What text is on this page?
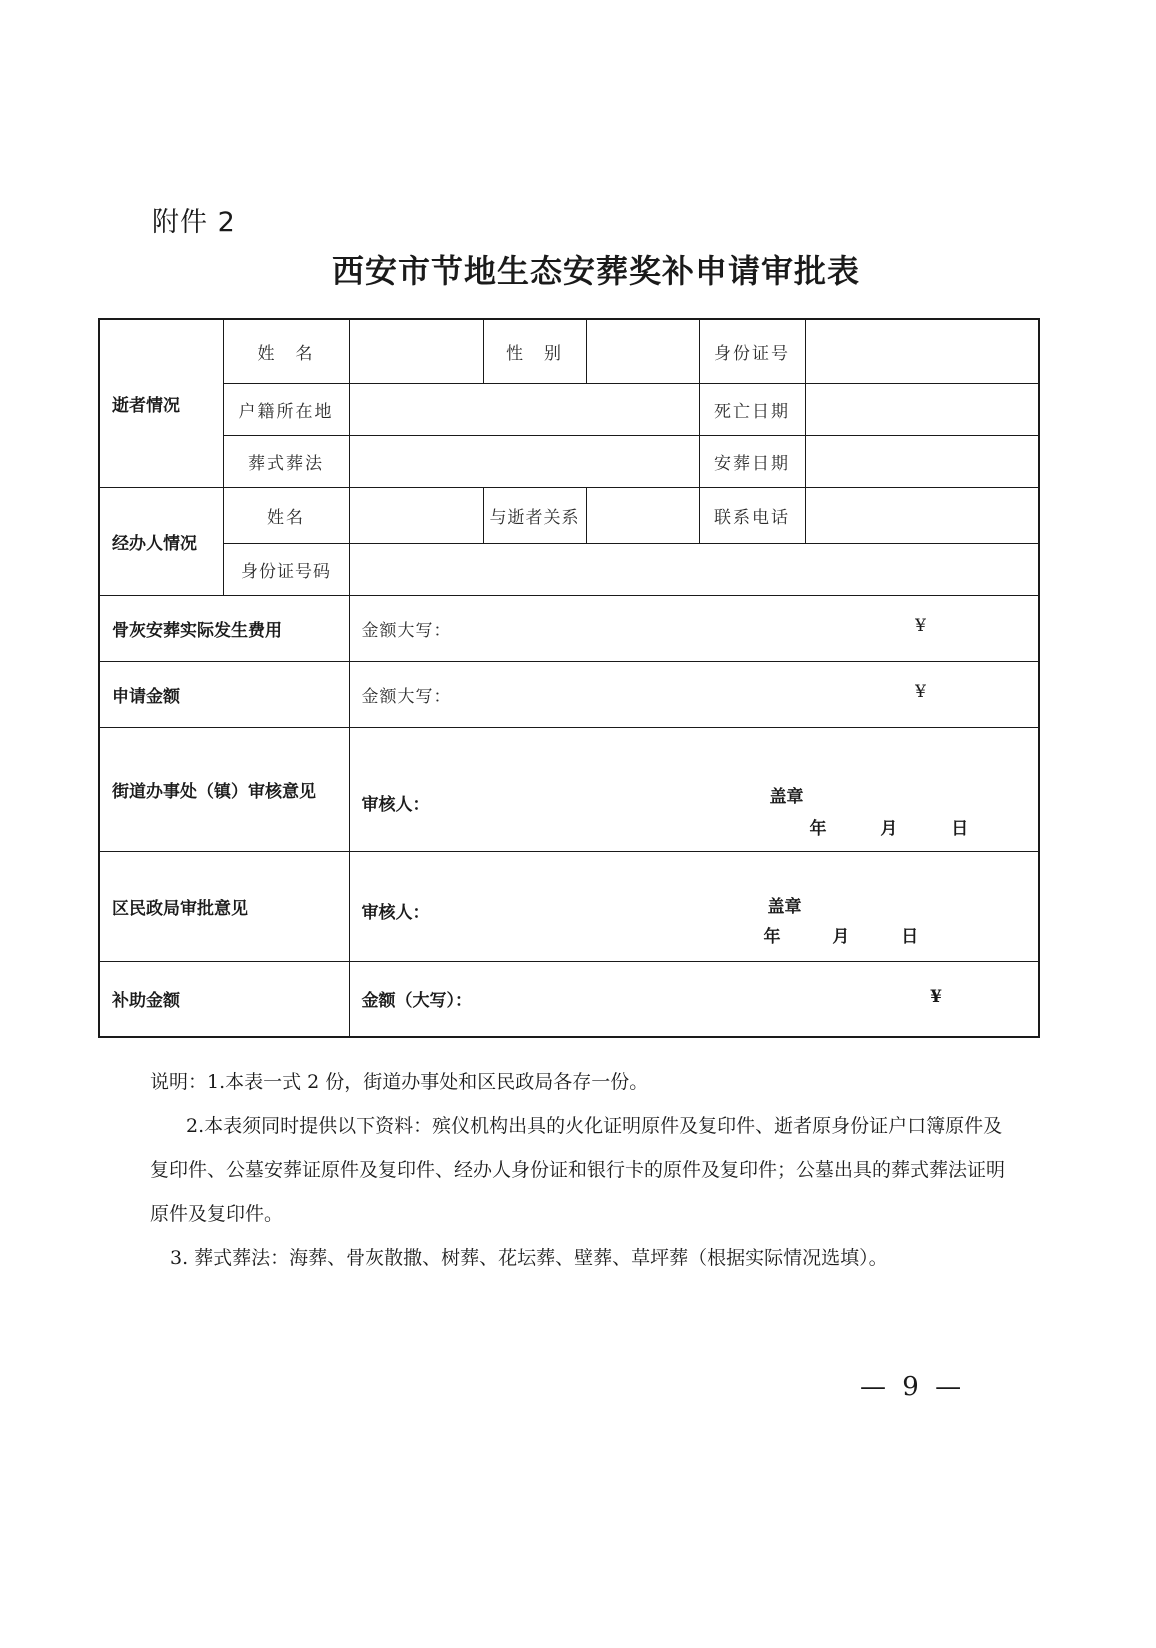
附件 2
西安市节地生态安葬奖补申请审批表
逝者情况	姓　名		性　别		身份证号	
	户籍所在地				死亡日期	
	葬式葬法				安葬日期	
经办人情况	姓名		与逝者关系		联系电话	
	身份证号码					
骨灰安葬实际发生费用		金额大写： ¥				

申请金额		金额大写： ¥				

街道办事处（镇）审核意见		审核人： 盖章
年 月 日				

区民政局审批意见		审核人： 盖章
年 月 日				

补助金额		金额（大写）： ¥				

说明：1.本表一式 2 份，街道办事处和区民政局各存一份。

2.本表须同时提供以下资料：殡仪机构出具的火化证明原件及复印件、逝者原身份证户口簿原件及复印件、公墓安葬证原件及复印件、经办人身份证和银行卡的原件及复印件；公墓出具的葬式葬法证明原件及复印件。

3. 葬式葬法：海葬、骨灰散撒、树葬、花坛葬、壁葬、草坪葬（根据实际情况选填）。

— 9 —
